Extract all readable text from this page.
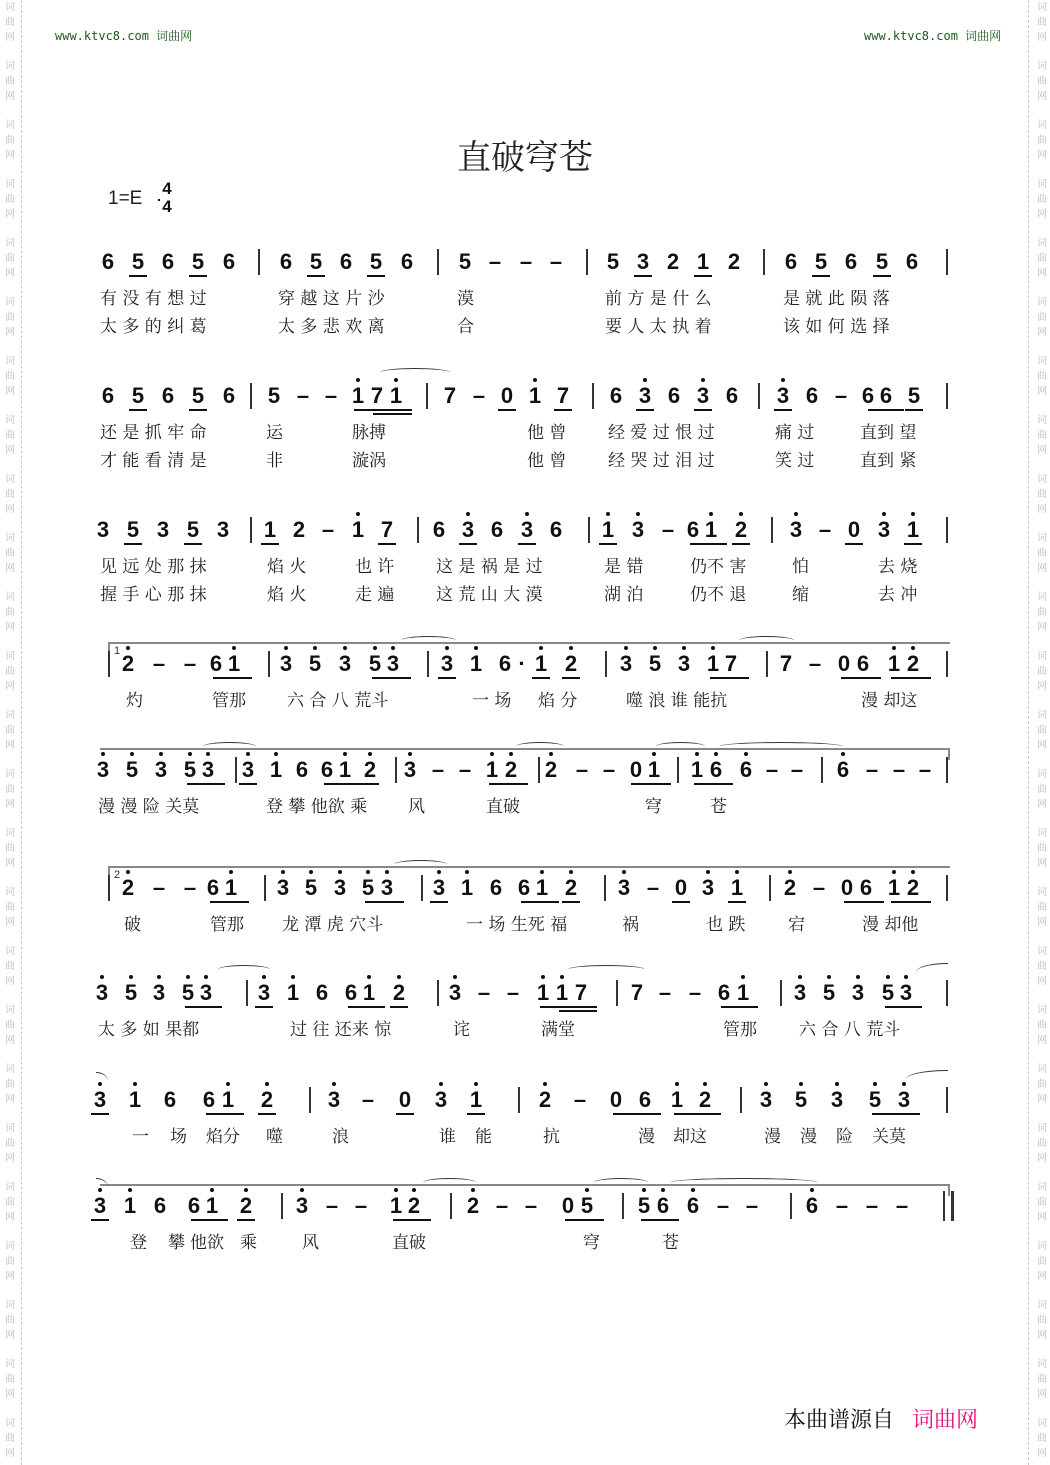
词
曲
网
词
曲
网
词
曲
网
词
曲
网
词
曲
网
词
曲
网
词
曲
网
词
曲
网
词
曲
网
词
曲
网
词
曲
网
词
曲
网
词
曲
网
词
曲
网
词
曲
网
词
曲
网
词
曲
网
词
曲
网
词
曲
网
词
曲
网
词
曲
网
词
曲
网
词
曲
网
词
曲
网
词
曲
网
词
曲
网
词
曲
网
词
曲
网
词
曲
网
词
曲
网
词
曲
网
词
曲
网
词
曲
网
词
曲
网
词
曲
网
词
曲
网
词
曲
网
词
曲
网
词
曲
网
词
曲
网
词
曲
网
词
曲
网
词
曲
网
词
曲
网
词
曲
网
词
曲
网
词
曲
网
词
曲
网
词
曲
网
词
曲
网
www.ktvc8.com 词曲网	www.ktvc8.com 词曲网
直破穹苍
1=E 4
4
6 5 6 5 6 6 5 6 5 6 5 – – – 5 3 2 1 2 6 5 6 5 6
有 没 有 想 过	穿 越 这 片 沙	漠	前 方 是 什 么	是 就 此 陨 落
太 多 的 纠 葛	太 多 悲 欢 离	合	要 人 太 执 着	该 如 何 选 择
6 5 6 5 6 5 – – 1 7 1 7 – 0 1 7 6 3 6 3 6 3 6 – 6 6 5
还 是 抓 牢 命	运	脉搏	他 曾 经 爱 过 恨 过	痛 过	直到 望
才 能 看 清 是	非	漩涡	他 曾 经 哭 过 泪 过	笑 过	直到 紧
3 5 3 5 3 1 2 – 1 7 6 3 6 3 6 1 3 – 6 1 2 3 – 0 3 1
见 远 处 那 抹	焰 火	也 许 这 是 祸 是 过	是 错	仍不 害	怕	去 烧
握 手 心 那 抹	焰 火	走 遍 这 荒 山 大 漠	湖 泊	仍不 退	缩	去 冲
1 2 – – 6 1 3 5 3 5 3 3 1 6 · 1 2 3 5 3 1 7 7 – 0 6 1 2
灼	管那 六 合 八 荒斗	一 场 焰 分	噬 浪 谁 能抗	漫 却这
3 5 3 5 3 3 1 6 6 1 2 3 – – 1 2 2 – – 0 1 1 6 6 – – 6 – – –
漫 漫 险 关莫	登 攀 他欲 乘 风	直破	穹	苍
2 2 – – 6 1 3 5 3 5 3 3 1 6 6 1 2 3 – 0 3 1 2 – 0 6 1 2
破	管那 龙 潭 虎 穴斗	一 场 生死 福	祸	也 跌	宕	漫 却他
3 5 3 5 3 3 1 6 6 1 2 3 – – 1 1 7 7 – – 6 1 3 5 3 5 3
太 多 如 果都	过 往 还来 惊	诧	满堂	管那 六 合 八 荒斗
3 1 6 6 1 2 3 – 0 3 1	2 – 0 6 1 2 3 5 3 5 3
一 场 焰分 噬	浪	谁 能	抗	漫 却这	漫 漫 险 关莫
3 1 6 6 1 2 3 – – 1 2 2 – – 0 5 5 6 6 – – 6 – – –
登 攀 他欲 乘	风	直破	穹	苍
本曲谱源自 词曲网
